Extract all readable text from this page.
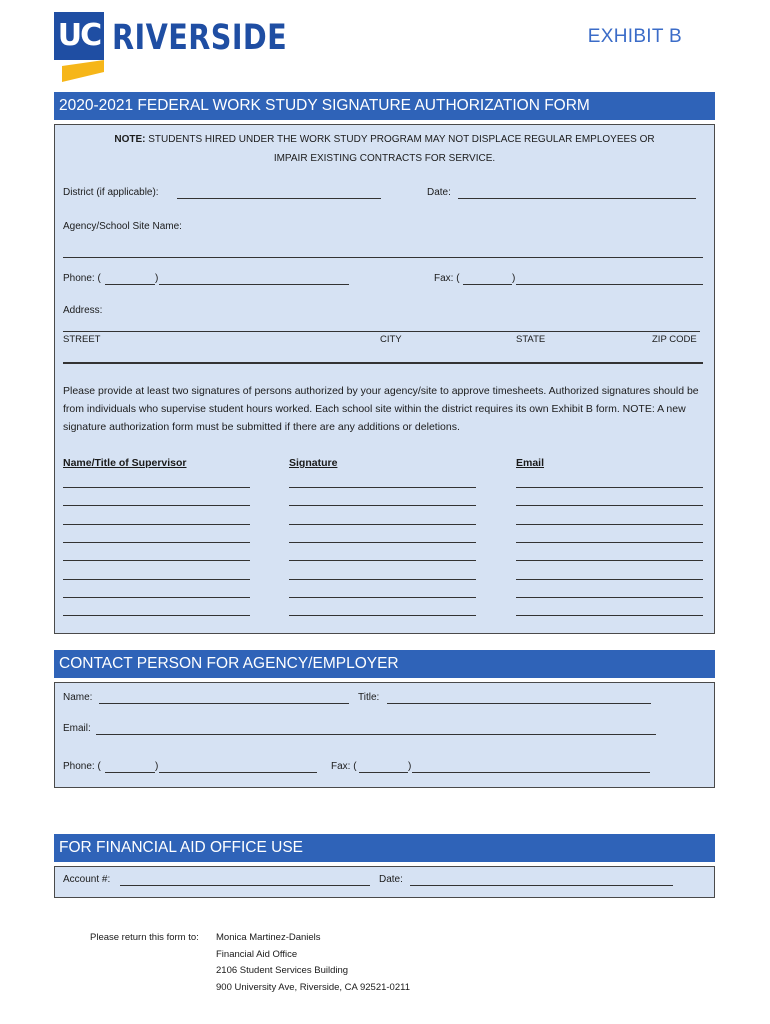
UC RIVERSIDE	EXHIBIT B
2020-2021 FEDERAL WORK STUDY SIGNATURE AUTHORIZATION FORM
NOTE: STUDENTS HIRED UNDER THE WORK STUDY PROGRAM MAY NOT DISPLACE REGULAR EMPLOYEES OR
IMPAIR EXISTING CONTRACTS FOR SERVICE.
District (if applicable):	Date:
Agency/School Site Name:
Phone: (	)	Fax: (	)
Address:
STREET	CITY	STATE	ZIP CODE
Please provide at least two signatures of persons authorized by your agency/site to approve timesheets. Authorized signatures should be from individuals who supervise student hours worked. Each school site within the district requires its own Exhibit B form. NOTE: A new signature authorization form must be submitted if there are any additions or deletions.
Name/Title of Supervisor	Signature	Email
CONTACT PERSON FOR AGENCY/EMPLOYER
Name:	Title:
Email:
Phone: (	)	Fax: (	)
FOR FINANCIAL AID OFFICE USE
Account #:	Date:
Please return this form to: Monica Martinez-Daniels
Financial Aid Office
2106 Student Services Building
900 University Ave, Riverside, CA 92521-0211
